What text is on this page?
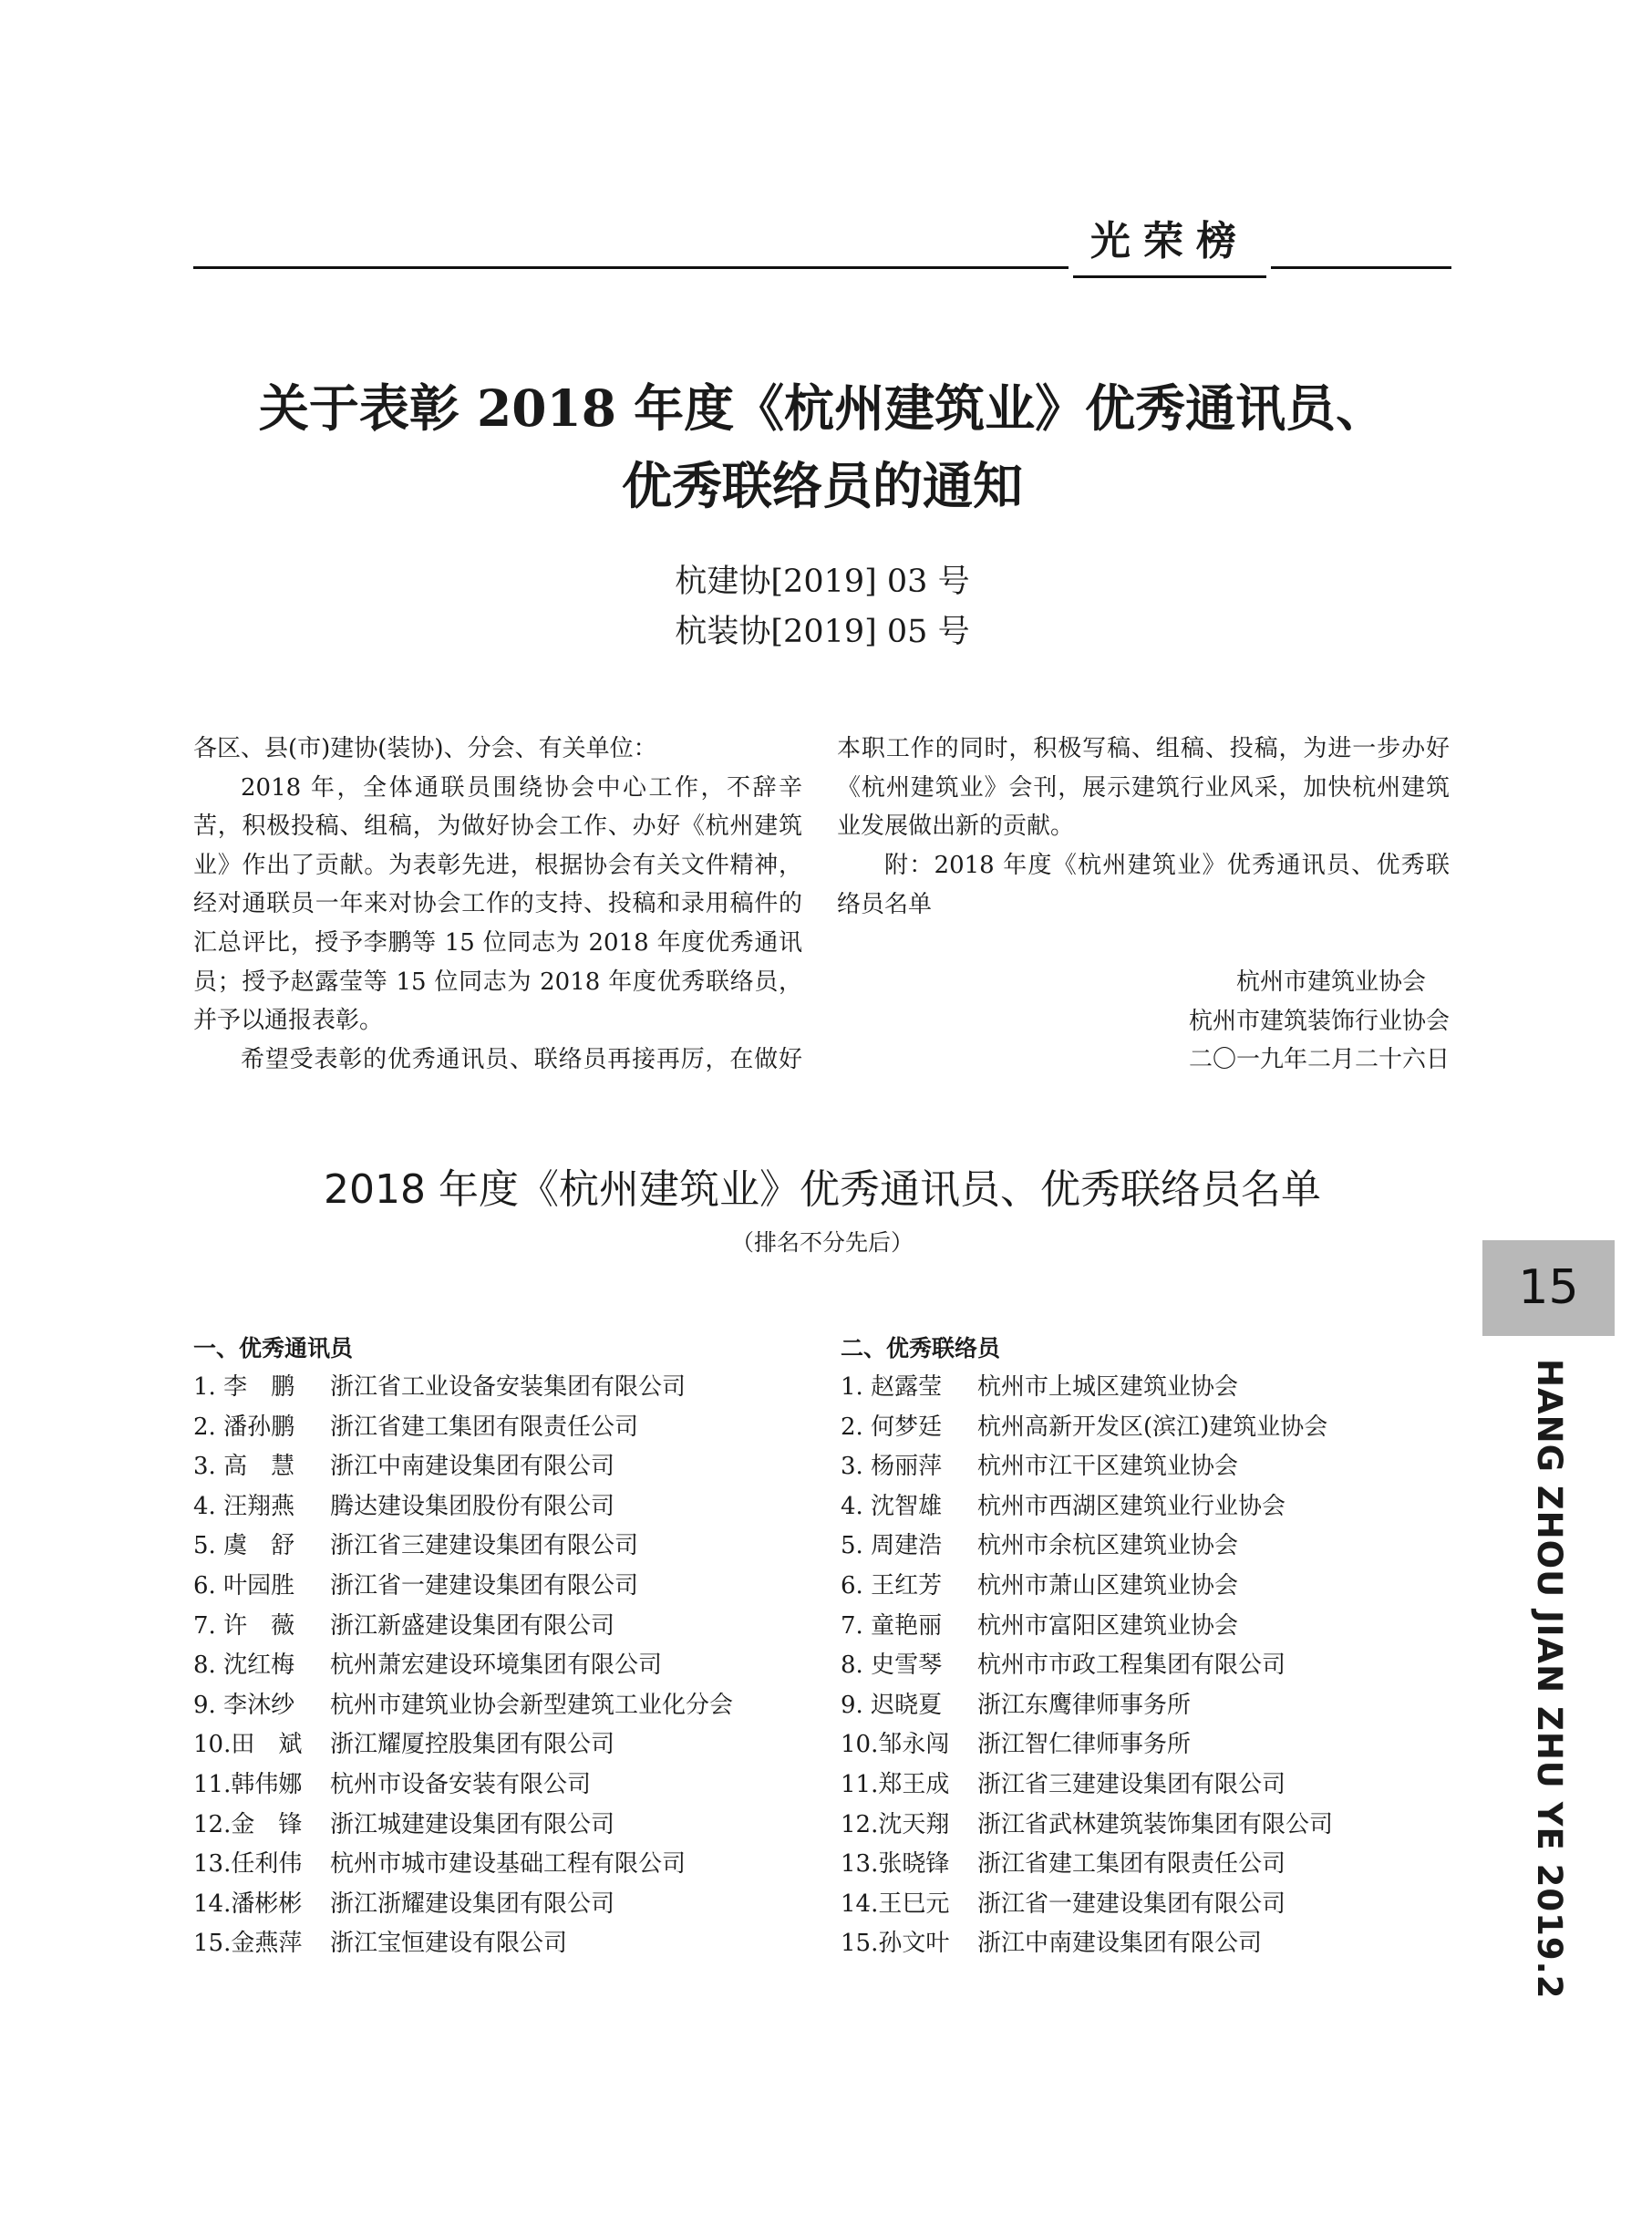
光荣榜
关于表彰 2018 年度《杭州建筑业》优秀通讯员、
优秀联络员的通知
杭建协[2019] 03 号
杭装协[2019] 05 号

各区、县(市)建协(装协)、分会、有关单位：

2018 年，全体通联员围绕协会中心工作，不辞辛苦，积极投稿、组稿，为做好协会工作、办好《杭州建筑业》作出了贡献。为表彰先进，根据协会有关文件精神，经对通联员一年来对协会工作的支持、投稿和录用稿件的汇总评比，授予李鹏等 15 位同志为 2018 年度优秀通讯员；授予赵露莹等 15 位同志为 2018 年度优秀联络员，并予以通报表彰。

希望受表彰的优秀通讯员、联络员再接再厉，在做好

本职工作的同时，积极写稿、组稿、投稿，为进一步办好《杭州建筑业》会刊，展示建筑行业风采，加快杭州建筑业发展做出新的贡献。

附：2018 年度《杭州建筑业》优秀通讯员、优秀联络员名单

杭州市建筑业协会
杭州市建筑装饰行业协会
二〇一九年二月二十六日
2018 年度《杭州建筑业》优秀通讯员、优秀联络员名单
（排名不分先后）
15
HANG ZHOU JIAN ZHU YE 2019.2
一、优秀通讯员
1. 李　鹏 浙江省工业设备安装集团有限公司
2. 潘孙鹏 浙江省建工集团有限责任公司
3. 高　慧 浙江中南建设集团有限公司
4. 汪翔燕 腾达建设集团股份有限公司
5. 虞　舒 浙江省三建建设集团有限公司
6. 叶园胜 浙江省一建建设集团有限公司
7. 许　薇 浙江新盛建设集团有限公司
8. 沈红梅 杭州萧宏建设环境集团有限公司
9. 李沐纱 杭州市建筑业协会新型建筑工业化分会
10.田　斌 浙江耀厦控股集团有限公司
11.韩伟娜 杭州市设备安装有限公司
12.金　锋 浙江城建建设集团有限公司
13.任利伟 杭州市城市建设基础工程有限公司
14.潘彬彬 浙江浙耀建设集团有限公司
15.金燕萍 浙江宝恒建设有限公司
二、优秀联络员
1. 赵露莹 杭州市上城区建筑业协会
2. 何梦廷 杭州高新开发区(滨江)建筑业协会
3. 杨丽萍 杭州市江干区建筑业协会
4. 沈智雄 杭州市西湖区建筑业行业协会
5. 周建浩 杭州市余杭区建筑业协会
6. 王红芳 杭州市萧山区建筑业协会
7. 童艳丽 杭州市富阳区建筑业协会
8. 史雪琴 杭州市市政工程集团有限公司
9. 迟晓夏 浙江东鹰律师事务所
10.邹永闯 浙江智仁律师事务所
11.郑王成 浙江省三建建设集团有限公司
12.沈天翔 浙江省武林建筑装饰集团有限公司
13.张晓锋 浙江省建工集团有限责任公司
14.王巳元 浙江省一建建设集团有限公司
15.孙文叶 浙江中南建设集团有限公司
